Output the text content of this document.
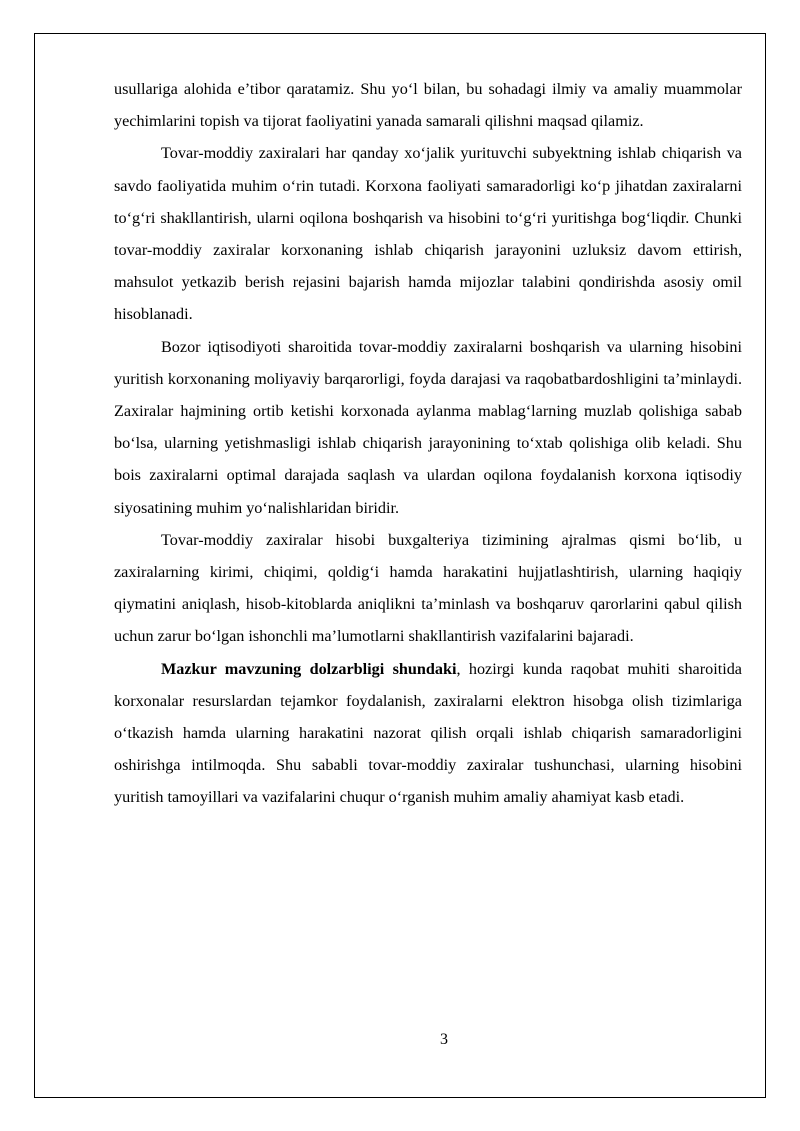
usullariga alohida e’tibor qaratamiz. Shu yo‘l bilan, bu sohadagi ilmiy va amaliy muammolar yechimlarini topish va tijorat faoliyatini yanada samarali qilishni maqsad qilamiz.

Tovar-moddiy zaxiralari har qanday xo‘jalik yurituvchi subyektning ishlab chiqarish va savdo faoliyatida muhim o‘rin tutadi. Korxona faoliyati samaradorligi ko‘p jihatdan zaxiralarni to‘g‘ri shakllantirish, ularni oqilona boshqarish va hisobini to‘g‘ri yuritishga bog‘liqdir. Chunki tovar-moddiy zaxiralar korxonaning ishlab chiqarish jarayonini uzluksiz davom ettirish, mahsulot yetkazib berish rejasini bajarish hamda mijozlar talabini qondirishda asosiy omil hisoblanadi.

Bozor iqtisodiyoti sharoitida tovar-moddiy zaxiralarni boshqarish va ularning hisobini yuritish korxonaning moliyaviy barqarorligi, foyda darajasi va raqobatbardoshligini ta’minlaydi. Zaxiralar hajmining ortib ketishi korxonada aylanma mablag‘larning muzlab qolishiga sabab bo‘lsa, ularning yetishmasligi ishlab chiqarish jarayonining to‘xtab qolishiga olib keladi. Shu bois zaxiralarni optimal darajada saqlash va ulardan oqilona foydalanish korxona iqtisodiy siyosatining muhim yo‘nalishlaridan biridir.

Tovar-moddiy zaxiralar hisobi buxgalteriya tizimining ajralmas qismi bo‘lib, u zaxiralarning kirimi, chiqimi, qoldig‘i hamda harakatini hujjatlashtirish, ularning haqiqiy qiymatini aniqlash, hisob-kitoblarda aniqlikni ta’minlash va boshqaruv qarorlarini qabul qilish uchun zarur bo‘lgan ishonchli ma’lumotlarni shakllantirish vazifalarini bajaradi.

Mazkur mavzuning dolzarbligi shundaki, hozirgi kunda raqobat muhiti sharoitida korxonalar resurslardan tejamkor foydalanish, zaxiralarni elektron hisobga olish tizimlariga o‘tkazish hamda ularning harakatini nazorat qilish orqali ishlab chiqarish samaradorligini oshirishga intilmoqda. Shu sababli tovar-moddiy zaxiralar tushunchasi, ularning hisobini yuritish tamoyillari va vazifalarini chuqur o‘rganish muhim amaliy ahamiyat kasb etadi.

3
